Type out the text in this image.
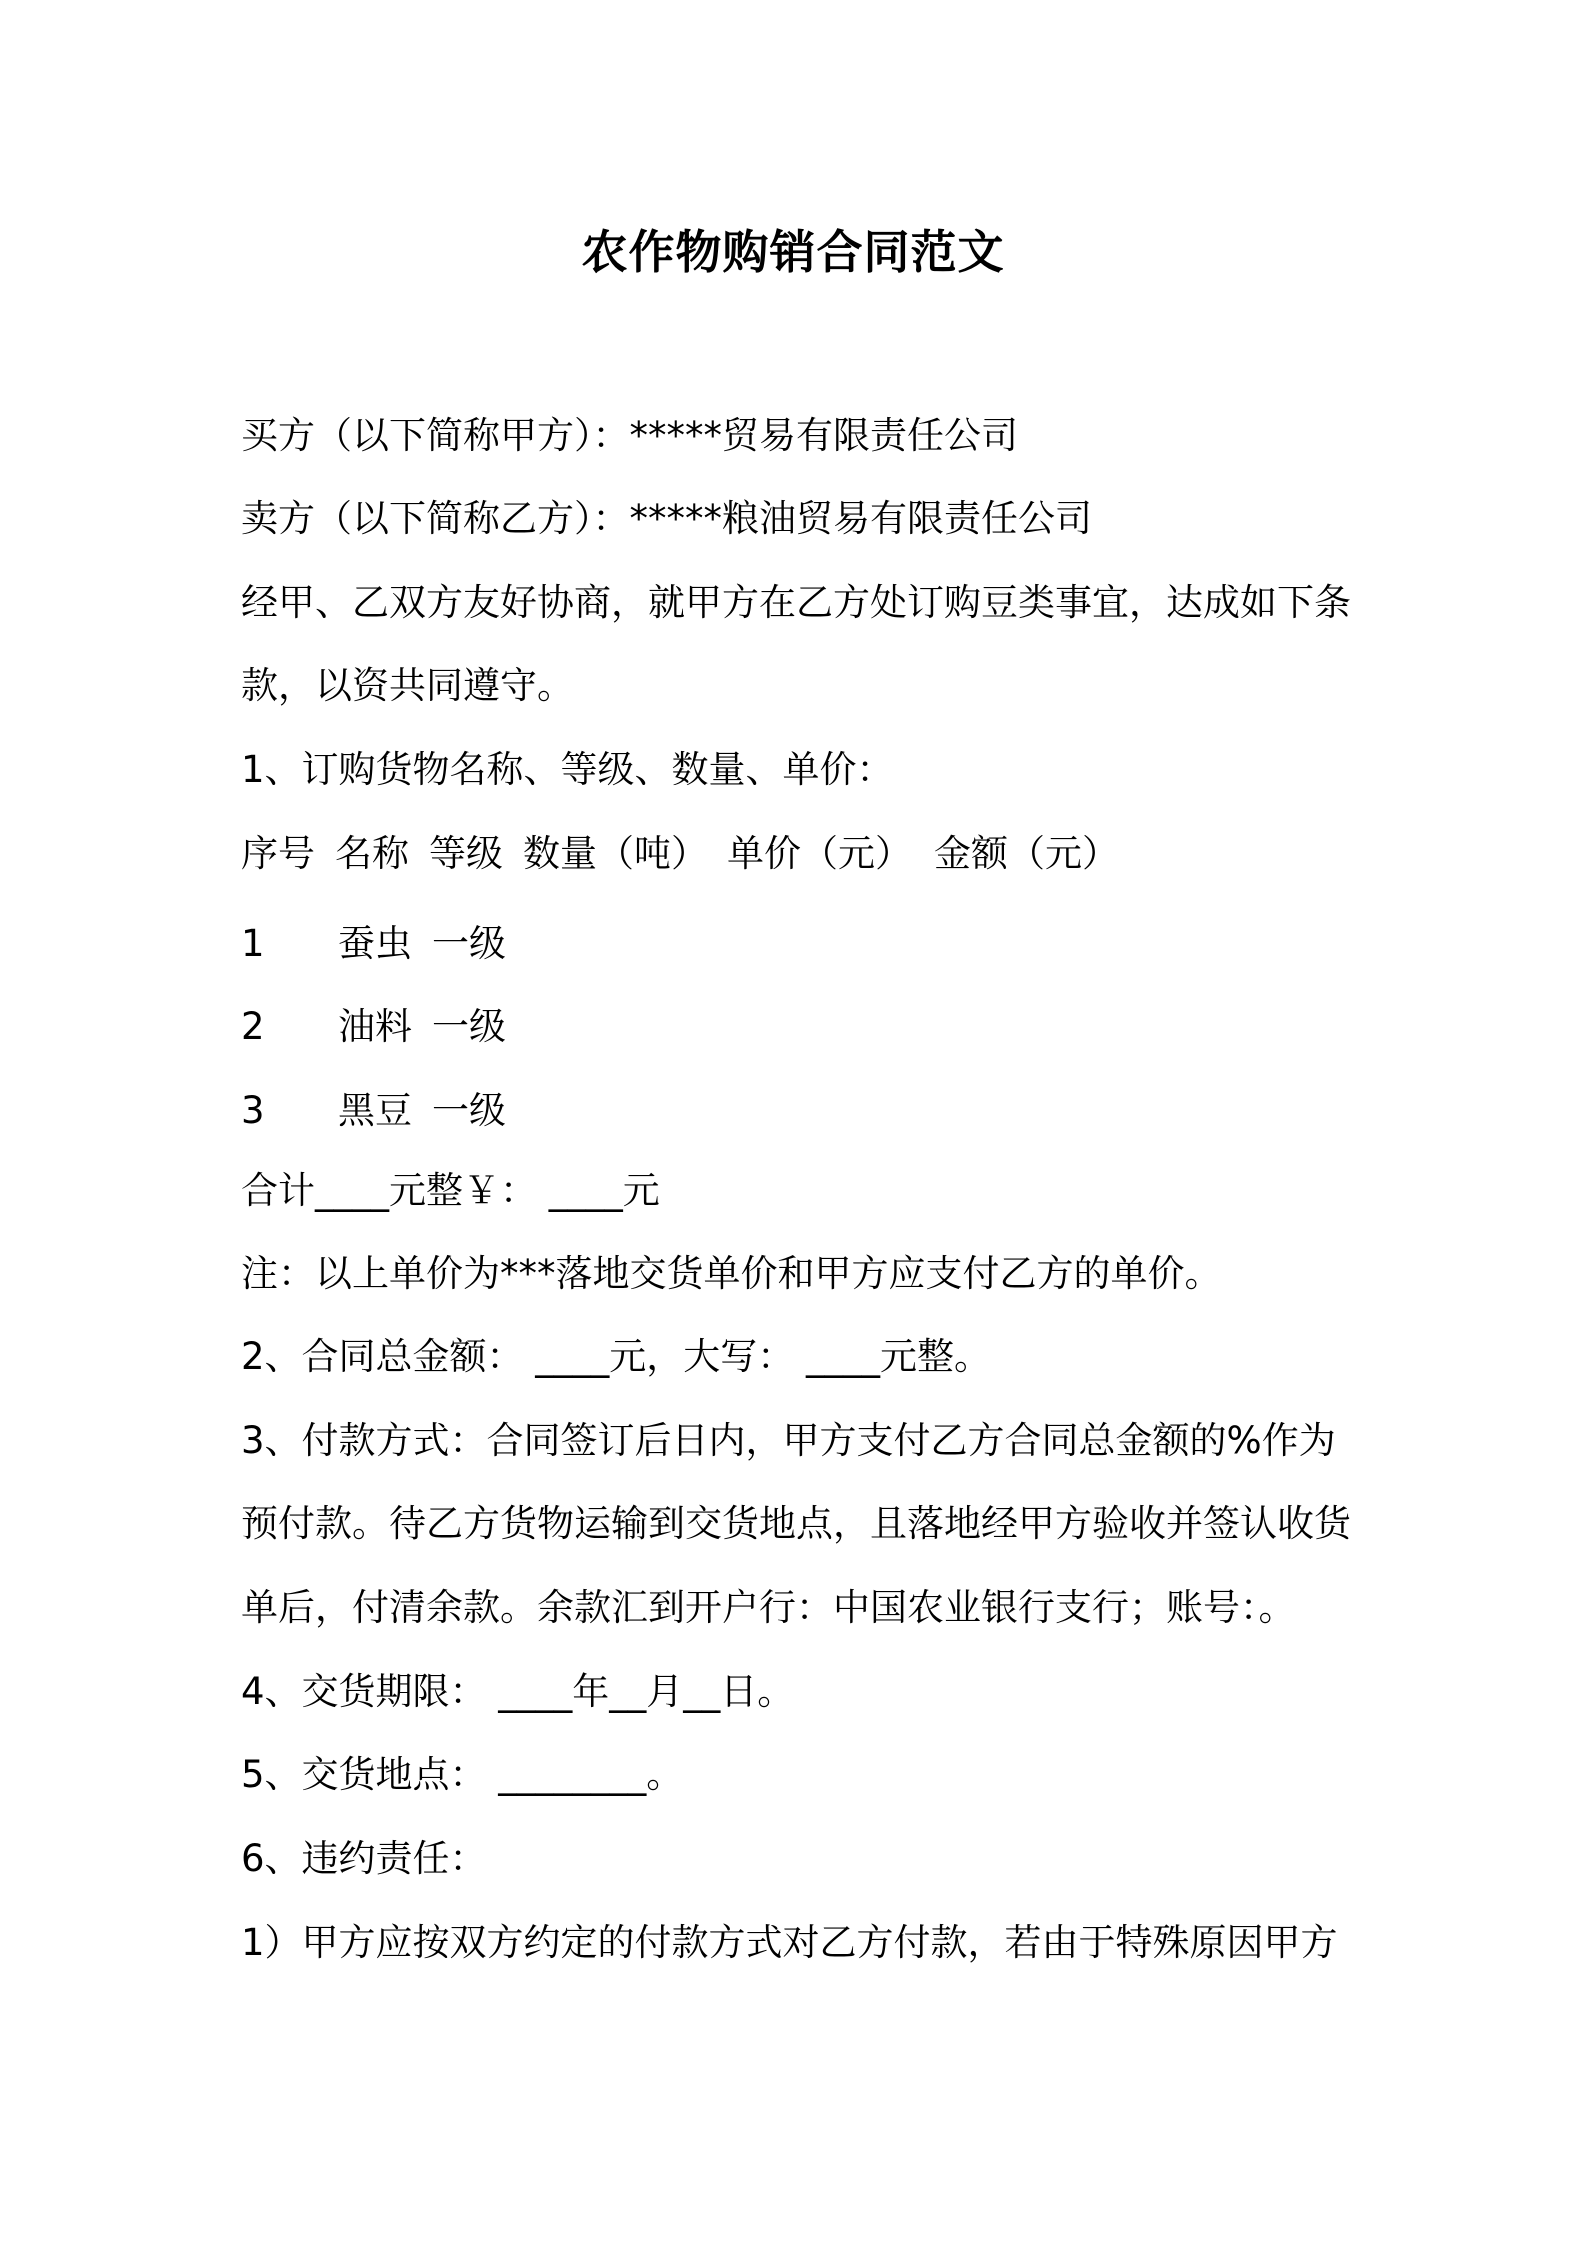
农作物购销合同范文
买方（以下简称甲方）：*****贸易有限责任公司
卖方（以下简称乙方）：*****粮油贸易有限责任公司
经甲、乙双方友好协商，就甲方在乙方处订购豆类事宜，达成如下条
款，以资共同遵守。
1、订购货物名称、等级、数量、单价：
序号 名称 等级 数量（吨） 单价（元） 金额（元）
1 蚕虫 一级
2 油料 一级
3 黑豆 一级
合计____元整￥： ____元
注：以上单价为***落地交货单价和甲方应支付乙方的单价。
2、合同总金额： ____元，大写： ____元整。
3、付款方式：合同签订后日内，甲方支付乙方合同总金额的%作为
预付款。待乙方货物运输到交货地点，且落地经甲方验收并签认收货
单后，付清余款。余款汇到开户行：中国农业银行支行；账号：。
4、交货期限： ____年__月__日。
5、交货地点： ________。
6、违约责任：
1）甲方应按双方约定的付款方式对乙方付款，若由于特殊原因甲方
